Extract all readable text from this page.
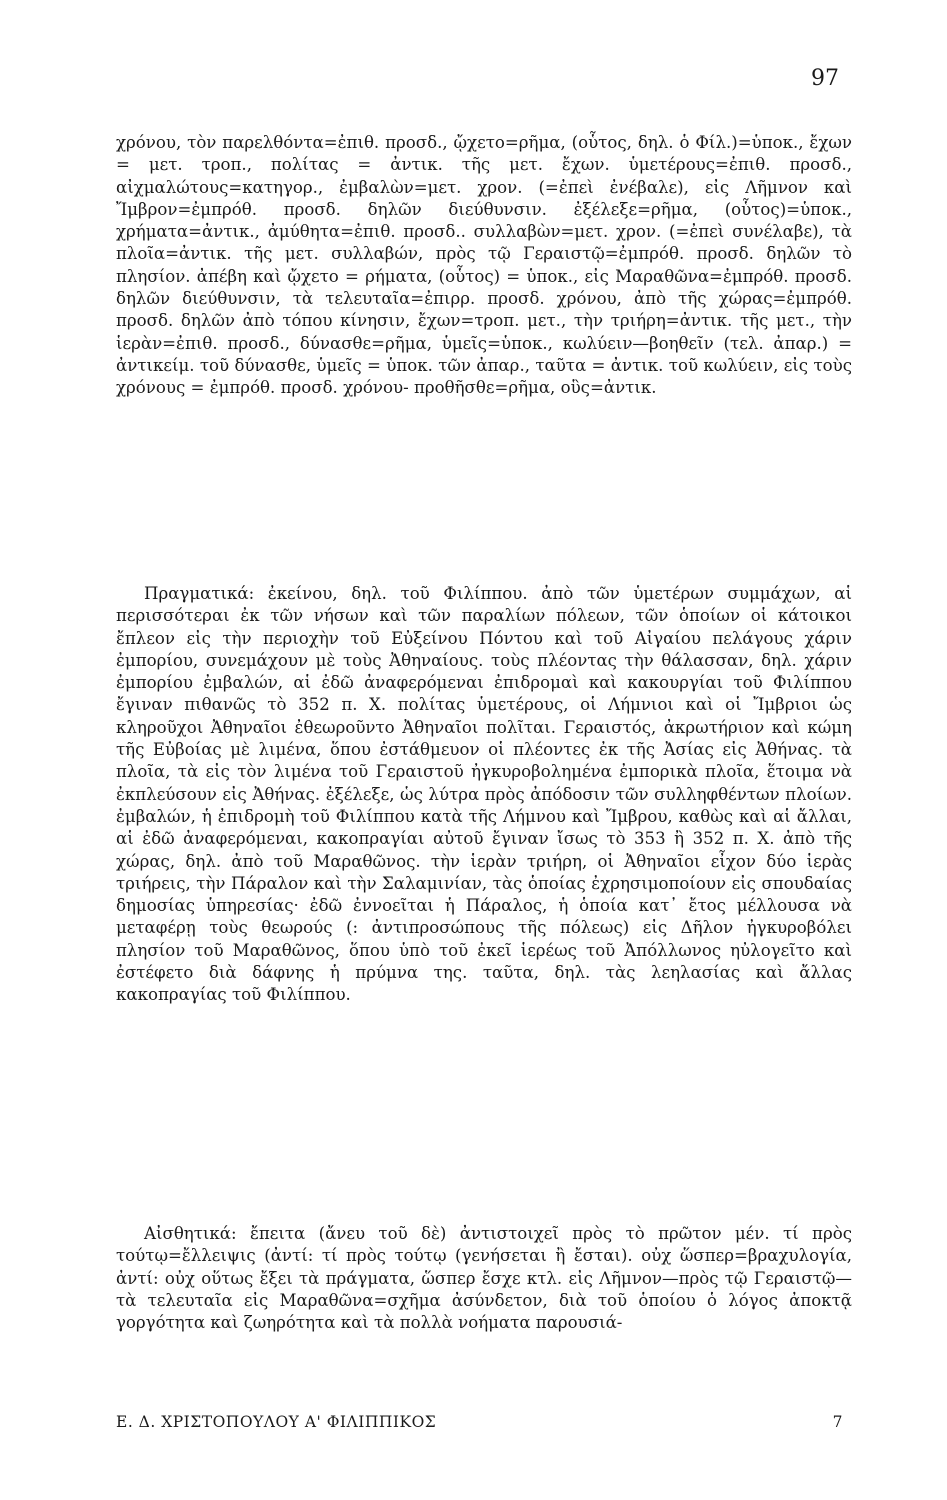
97

χρόνου, τὸν παρελθόντα=ἐπιθ. προσδ., ᾤχετο=ρῆμα, (οὗτος, δηλ. ὁ Φίλ.)=ὑποκ., ἔχων = μετ. τροπ., πολίτας = ἀντικ. τῆς μετ. ἔχων. ὑμετέρους=ἐπιθ. προσδ., αἰχμαλώτους=κατηγορ., ἐμβαλὼν=μετ. χρον. (=ἐπεὶ ἐνέβαλε), εἰς Λῆμνον καὶ Ἴμβρον=ἐμπρόθ. προσδ. δηλῶν διεύθυνσιν. ἐξέλεξε=ρῆμα, (οὗτος)=ὑποκ., χρήματα=ἀντικ., ἀμύθητα=ἐπιθ. προσδ.. συλλαβὼν=μετ. χρον. (=ἐπεὶ συνέλαβε), τὰ πλοῖα=ἀντικ. τῆς μετ. συλλαβών, πρὸς τῷ Γεραιστῷ=ἐμπρόθ. προσδ. δηλῶν τὸ πλησίον. ἀπέβη καὶ ᾤχετο = ρήματα, (οὗτος) = ὑποκ., εἰς Μαραθῶνα=ἐμπρόθ. προσδ. δηλῶν διεύθυνσιν, τὰ τελευταῖα=ἐπιρρ. προσδ. χρόνου, ἀπὸ τῆς χώρας=ἐμπρόθ. προσδ. δηλῶν ἀπὸ τόπου κίνησιν, ἔχων=τροπ. μετ., τὴν τριήρη=ἀντικ. τῆς μετ., τὴν ἱερὰν=ἐπιθ. προσδ., δύνασθε=ρῆμα, ὑμεῖς=ὑποκ., κωλύειν—βοηθεῖν (τελ. ἀπαρ.) = ἀντικείμ. τοῦ δύνασθε, ὑμεῖς = ὑποκ. τῶν ἀπαρ., ταῦτα = ἀντικ. τοῦ κωλύειν, εἰς τοὺς χρόνους = ἐμπρόθ. προσδ. χρόνου- προθῆσθε=ρῆμα, οὓς=ἀντικ.

Πραγματικά: ἐκείνου, δηλ. τοῦ Φιλίππου. ἀπὸ τῶν ὑμετέρων συμμάχων, αἱ περισσότεραι ἐκ τῶν νήσων καὶ τῶν παραλίων πόλεων, τῶν ὁποίων οἱ κάτοικοι ἔπλεον εἰς τὴν περιοχὴν τοῦ Εὐξείνου Πόντου καὶ τοῦ Αἰγαίου πελάγους χάριν ἐμπορίου, συνεμάχουν μὲ τοὺς Ἀθηναίους. τοὺς πλέοντας τὴν θάλασσαν, δηλ. χάριν ἐμπορίου ἐμβαλών, αἱ ἐδῶ ἀναφερόμεναι ἐπιδρομαὶ καὶ κακουργίαι τοῦ Φιλίππου ἔγιναν πιθανῶς τὸ 352 π. Χ. πολίτας ὑμετέρους, οἱ Λήμνιοι καὶ οἱ Ἴμβριοι ὡς κληροῦχοι Ἀθηναῖοι ἐθεωροῦντο Ἀθηναῖοι πολῖται. Γεραιστός, ἀκρωτήριον καὶ κώμη τῆς Εὐβοίας μὲ λιμένα, ὅπου ἐστάθμευον οἱ πλέοντες ἐκ τῆς Ἀσίας εἰς Ἀθήνας. τὰ πλοῖα, τὰ εἰς τὸν λιμένα τοῦ Γεραιστοῦ ἠγκυροβολημένα ἐμπορικὰ πλοῖα, ἕτοιμα νὰ ἐκπλεύσουν εἰς Ἀθήνας. ἐξέλεξε, ὡς λύτρα πρὸς ἀπόδοσιν τῶν συλληφθέντων πλοίων. ἐμβαλών, ἡ ἐπιδρομὴ τοῦ Φιλίππου κατὰ τῆς Λήμνου καὶ Ἴμβρου, καθὼς καὶ αἱ ἄλλαι, αἱ ἐδῶ ἀναφερόμεναι, κακοπραγίαι αὐτοῦ ἔγιναν ἴσως τὸ 353 ἢ 352 π. Χ. ἀπὸ τῆς χώρας, δηλ. ἀπὸ τοῦ Μαραθῶνος. τὴν ἱερὰν τριήρη, οἱ Ἀθηναῖοι εἶχον δύο ἱερὰς τριήρεις, τὴν Πάραλον καὶ τὴν Σαλαμινίαν, τὰς ὁποίας ἐχρησιμοποίουν εἰς σπουδαίας δημοσίας ὑπηρεσίας· ἐδῶ ἐννοεῖται ἡ Πάραλος, ἡ ὁποία κατ᾽ ἔτος μέλλουσα νὰ μεταφέρῃ τοὺς θεωρούς (: ἀντιπροσώπους τῆς πόλεως) εἰς Δῆλον ἠγκυροβόλει πλησίον τοῦ Μαραθῶνος, ὅπου ὑπὸ τοῦ ἐκεῖ ἱερέως τοῦ Ἀπόλλωνος ηὐλογεῖτο καὶ ἐστέφετο διὰ δάφνης ἡ πρύμνα της. ταῦτα, δηλ. τὰς λεηλασίας καὶ ἄλλας κακοπραγίας τοῦ Φιλίππου.

Αἰσθητικά: ἔπειτα (ἄνευ τοῦ δὲ) ἀντιστοιχεῖ πρὸς τὸ πρῶτον μέν. τί πρὸς τούτῳ=ἔλλειψις (ἀντί: τί πρὸς τούτῳ (γενήσεται ἢ ἔσται). οὐχ ὥσπερ=βραχυλογία, ἀντί: οὐχ οὕτως ἔξει τὰ πράγματα, ὥσπερ ἔσχε κτλ. εἰς Λῆμνον—πρὸς τῷ Γεραιστῷ—τὰ τελευταῖα εἰς Μαραθῶνα=σχῆμα ἀσύνδετον, διὰ τοῦ ὁποίου ὁ λόγος ἀποκτᾷ γοργότητα καὶ ζωηρότητα καὶ τὰ πολλὰ νοήματα παρουσιά-

Ε. Δ. ΧΡΙΣΤΟΠΟΥΛΟΥ Α' ΦΙΛΙΠΠΙΚΟΣ	7
